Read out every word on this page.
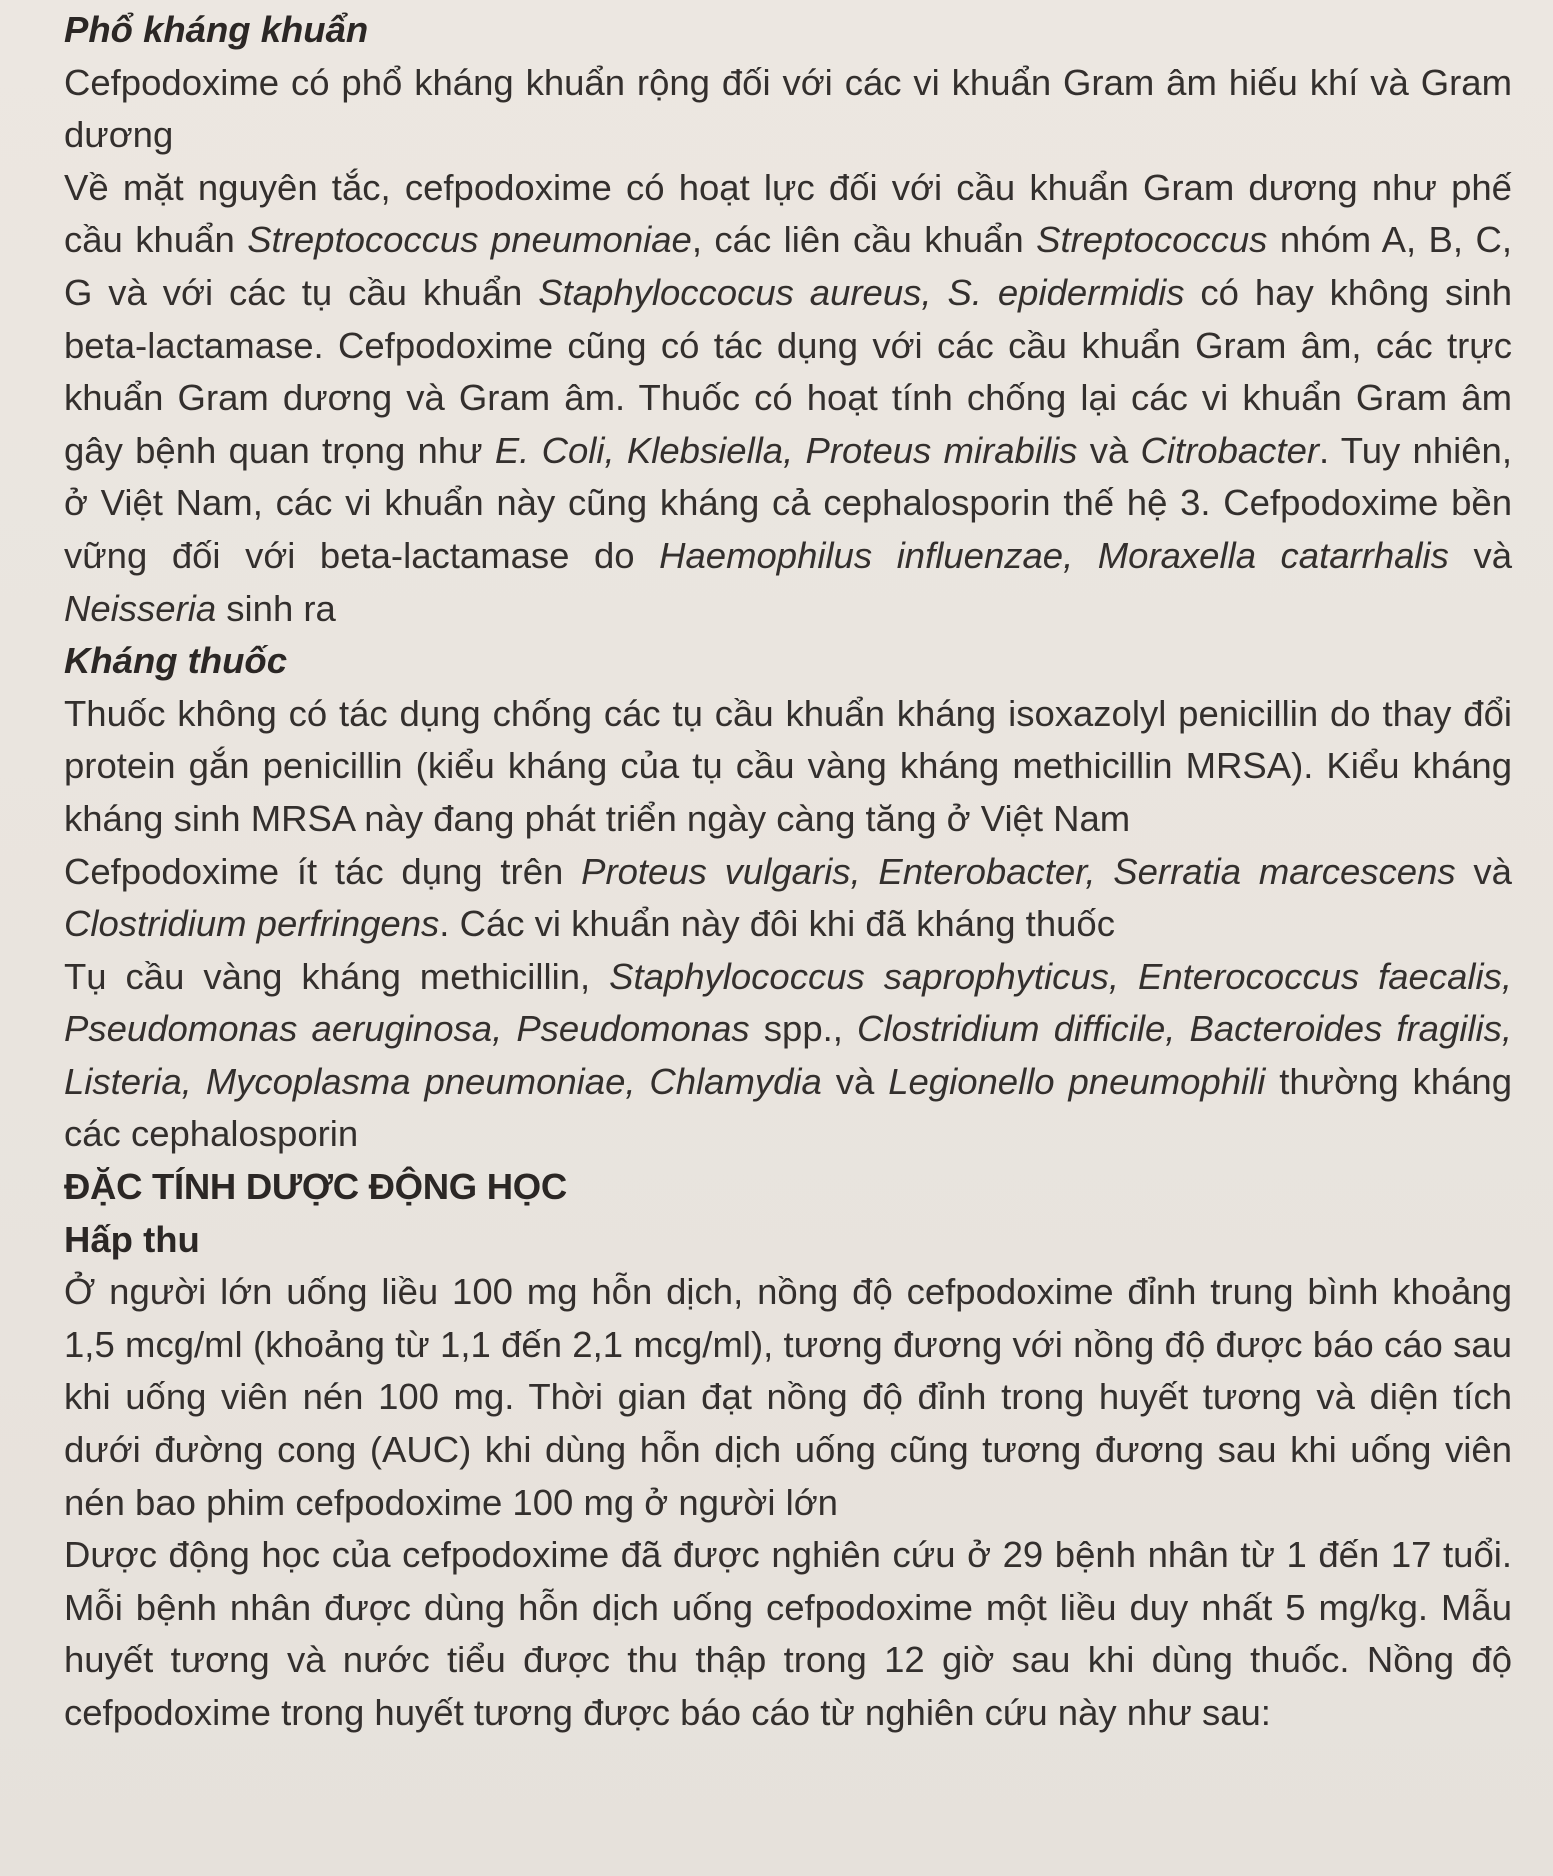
Phổ kháng khuẩn

Cefpodoxime có phổ kháng khuẩn rộng đối với các vi khuẩn Gram âm hiếu khí và Gram dương

Về mặt nguyên tắc, cefpodoxime có hoạt lực đối với cầu khuẩn Gram dương như phế cầu khuẩn Streptococcus pneumoniae, các liên cầu khuẩn Streptococcus nhóm A, B, C, G và với các tụ cầu khuẩn Staphyloccocus aureus, S. epidermidis có hay không sinh beta-lactamase. Cefpodoxime cũng có tác dụng với các cầu khuẩn Gram âm, các trực khuẩn Gram dương và Gram âm. Thuốc có hoạt tính chống lại các vi khuẩn Gram âm gây bệnh quan trọng như E. Coli, Klebsiella, Proteus mirabilis và Citrobacter. Tuy nhiên, ở Việt Nam, các vi khuẩn này cũng kháng cả cephalosporin thế hệ 3. Cefpodoxime bền vững đối với beta-lactamase do Haemophilus influenzae, Moraxella catarrhalis và Neisseria sinh ra

Kháng thuốc

Thuốc không có tác dụng chống các tụ cầu khuẩn kháng isoxazolyl penicillin do thay đổi protein gắn penicillin (kiểu kháng của tụ cầu vàng kháng methicillin MRSA). Kiểu kháng kháng sinh MRSA này đang phát triển ngày càng tăng ở Việt Nam

Cefpodoxime ít tác dụng trên Proteus vulgaris, Enterobacter, Serratia marcescens và Clostridium perfringens. Các vi khuẩn này đôi khi đã kháng thuốc

Tụ cầu vàng kháng methicillin, Staphylococcus saprophyticus, Enterococcus faecalis, Pseudomonas aeruginosa, Pseudomonas spp., Clostridium difficile, Bacteroides fragilis, Listeria, Mycoplasma pneumoniae, Chlamydia và Legionello pneumophili thường kháng các cephalosporin

ĐẶC TÍNH DƯỢC ĐỘNG HỌC

Hấp thu

Ở người lớn uống liều 100 mg hỗn dịch, nồng độ cefpodoxime đỉnh trung bình khoảng 1,5 mcg/ml (khoảng từ 1,1 đến 2,1 mcg/ml), tương đương với nồng độ được báo cáo sau khi uống viên nén 100 mg. Thời gian đạt nồng độ đỉnh trong huyết tương và diện tích dưới đường cong (AUC) khi dùng hỗn dịch uống cũng tương đương sau khi uống viên nén bao phim cefpodoxime 100 mg ở người lớn

Dược động học của cefpodoxime đã được nghiên cứu ở 29 bệnh nhân từ 1 đến 17 tuổi. Mỗi bệnh nhân được dùng hỗn dịch uống cefpodoxime một liều duy nhất 5 mg/kg. Mẫu huyết tương và nước tiểu được thu thập trong 12 giờ sau khi dùng thuốc. Nồng độ cefpodoxime trong huyết tương được báo cáo từ nghiên cứu này như sau:
